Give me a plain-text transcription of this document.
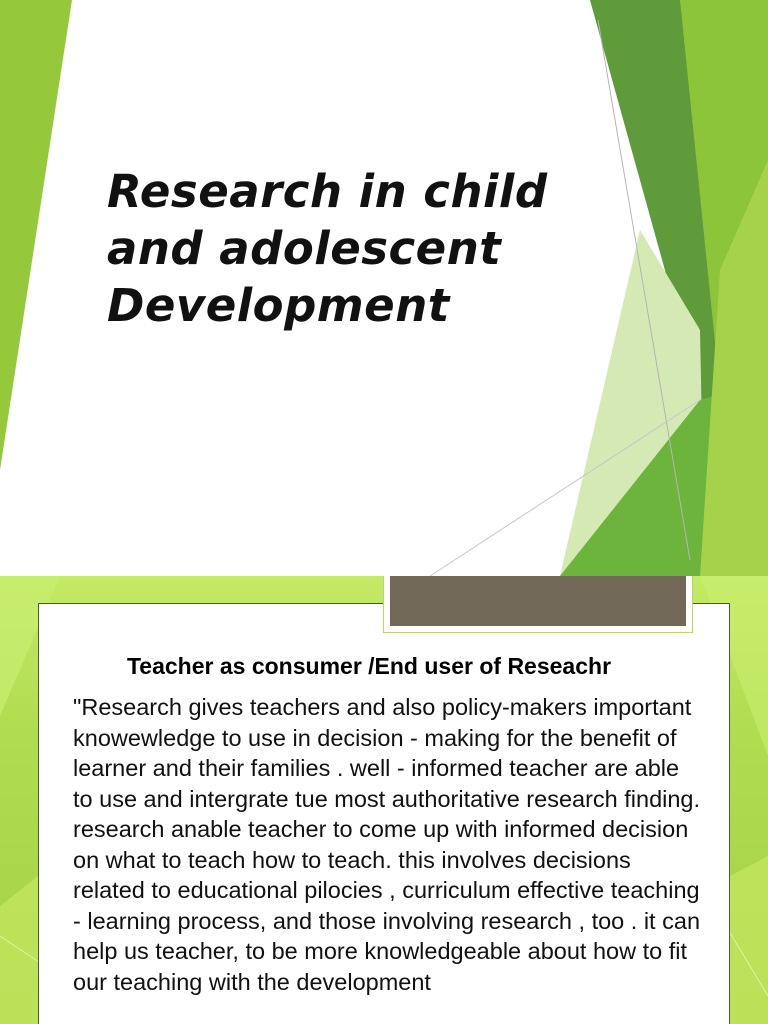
Research in child and adolescent Development
Teacher as consumer /End user of Reseachr

"Research gives teachers and also policy-makers important knowewledge to use in decision - making for the benefit of learner and their families . well - informed teacher are able to use and intergrate tue most authoritative research finding. research anable teacher to come up with informed decision on what to teach how to teach. this involves decisions related to educational pilocies , curriculum effective teaching - learning process, and those involving research , too . it can help us teacher, to be more knowledgeable about how to fit our teaching with the development
